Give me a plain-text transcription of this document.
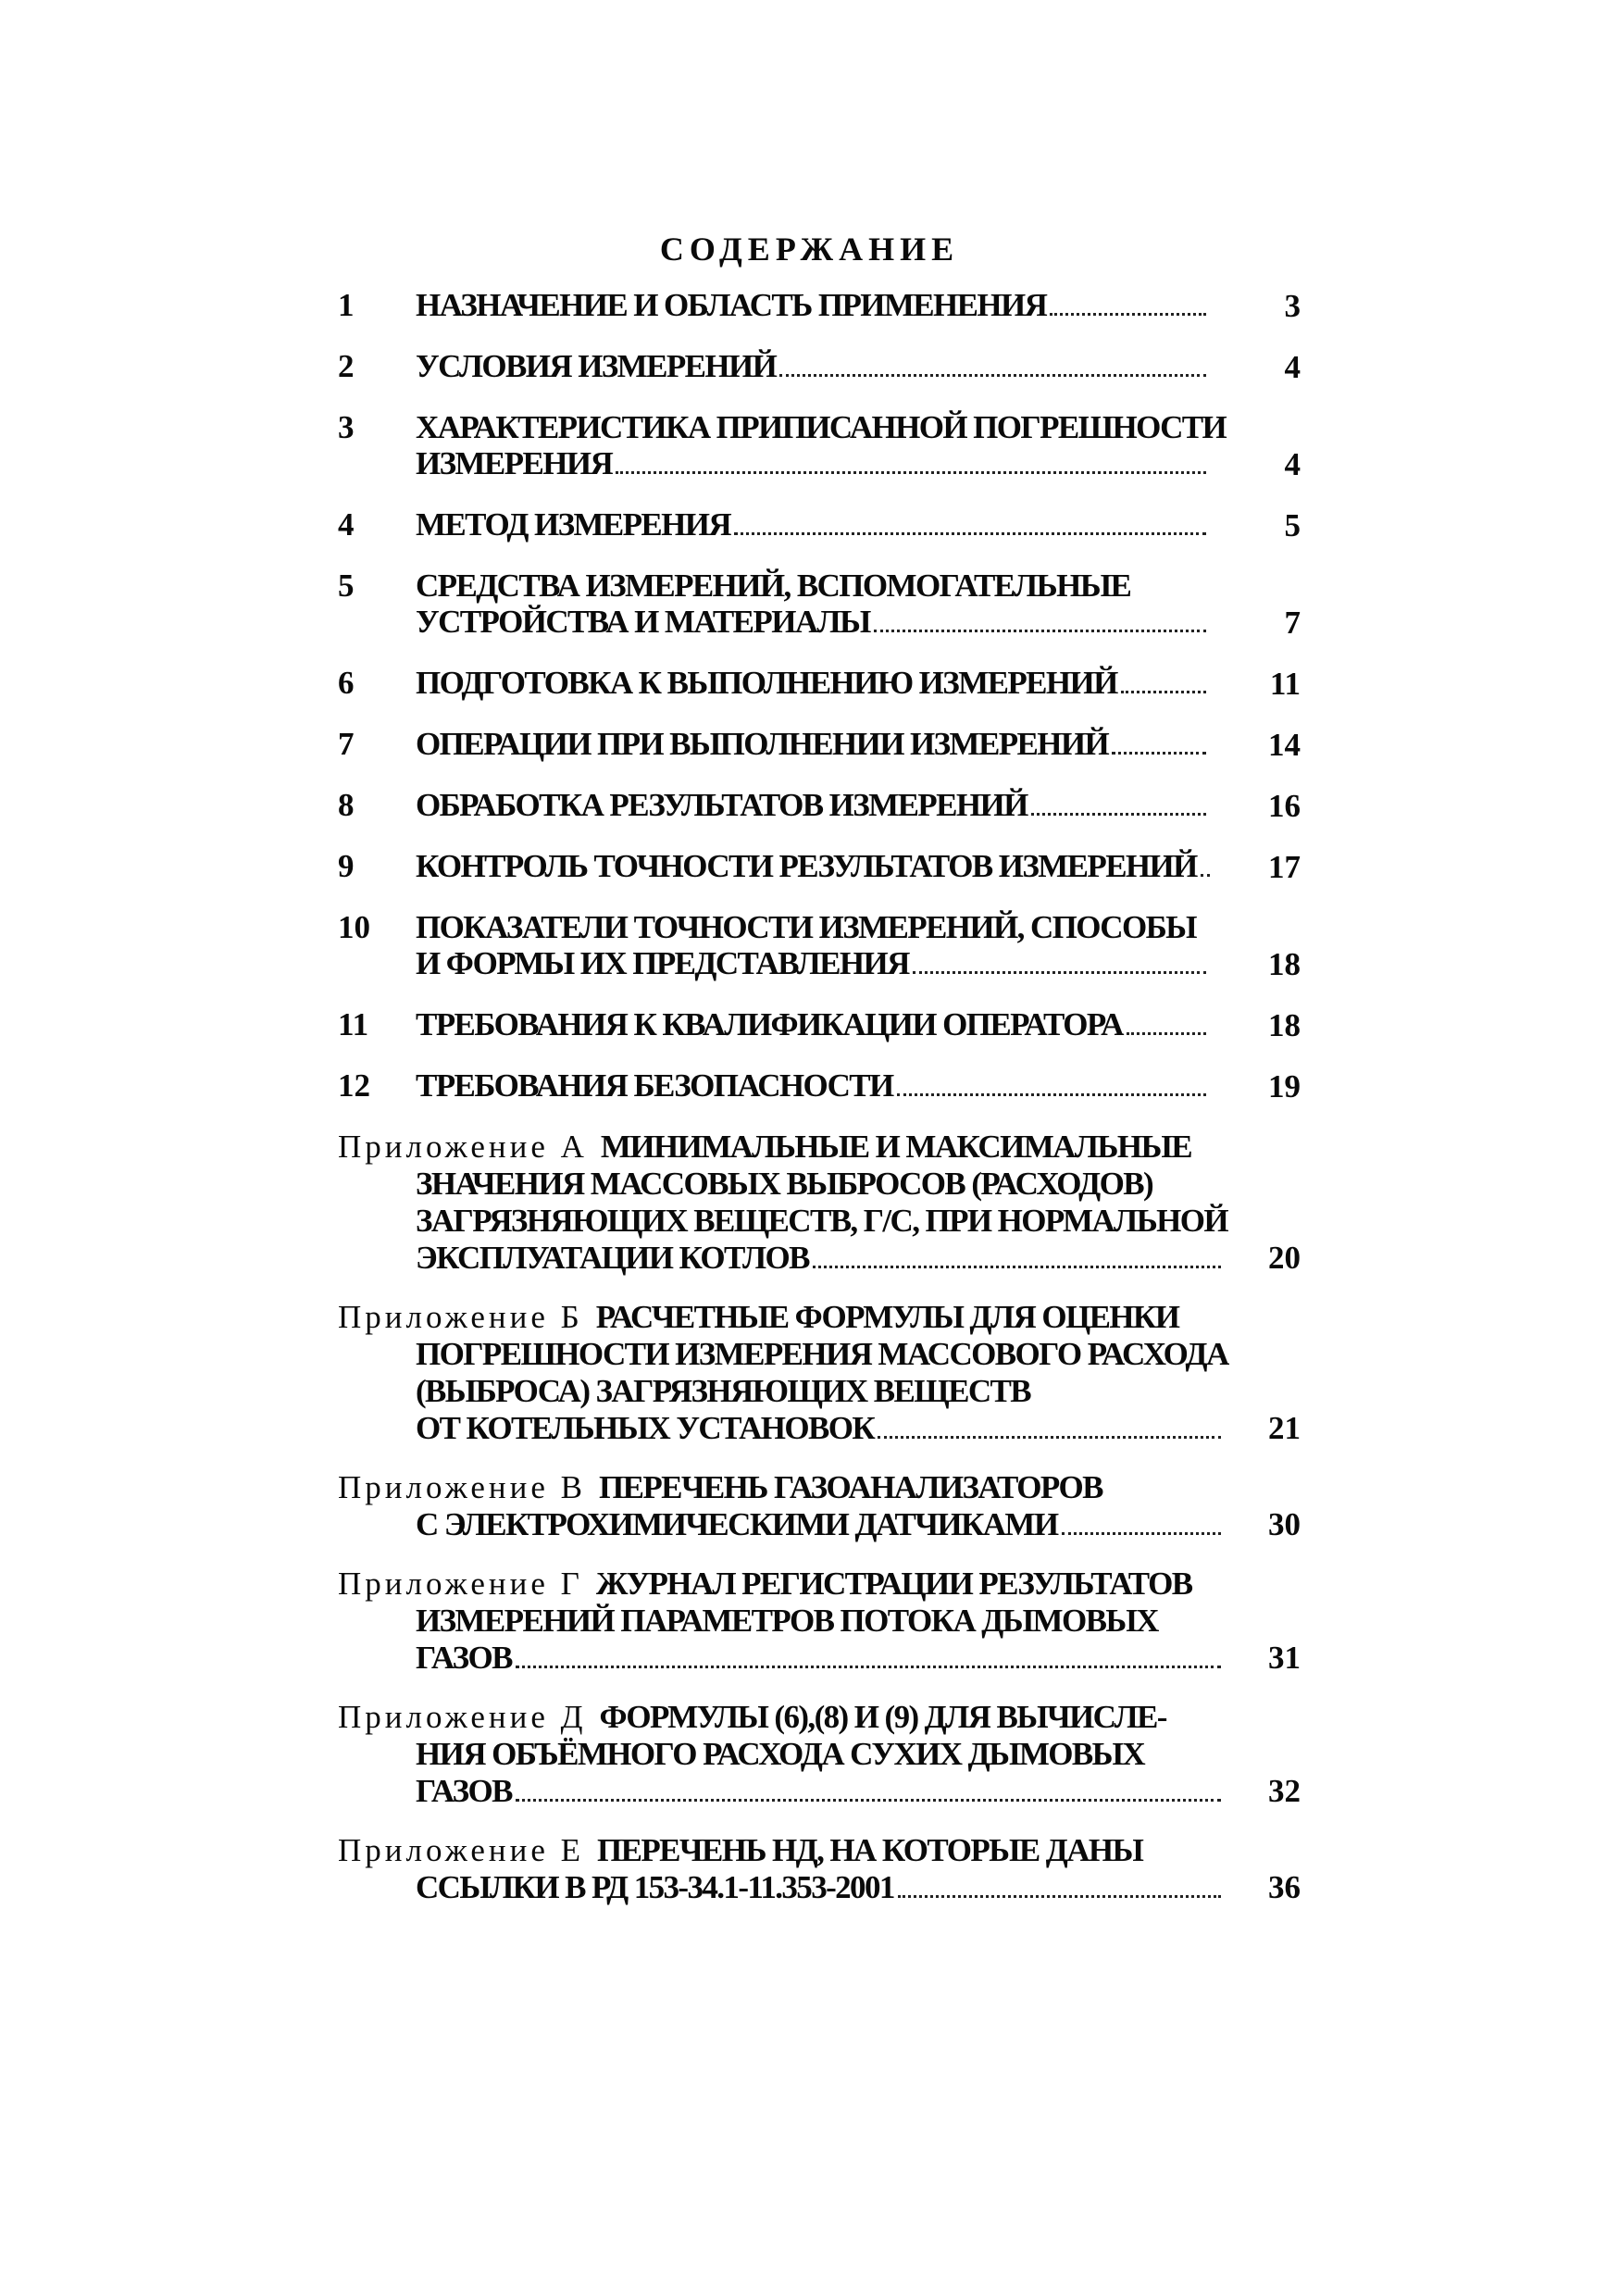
СОДЕРЖАНИЕ
1	НАЗНАЧЕНИЕ И ОБЛАСТЬ ПРИМЕНЕНИЯ	3
2	УСЛОВИЯ ИЗМЕРЕНИЙ	4
3	ХАРАКТЕРИСТИКА ПРИПИСАННОЙ ПОГРЕШНОСТИ
ИЗМЕРЕНИЯ	4
4	МЕТОД ИЗМЕРЕНИЯ	5
5	СРЕДСТВА ИЗМЕРЕНИЙ, ВСПОМОГАТЕЛЬНЫЕ
УСТРОЙСТВА И МАТЕРИАЛЫ	7
6	ПОДГОТОВКА К ВЫПОЛНЕНИЮ ИЗМЕРЕНИЙ	11
7	ОПЕРАЦИИ ПРИ ВЫПОЛНЕНИИ ИЗМЕРЕНИЙ	14
8	ОБРАБОТКА РЕЗУЛЬТАТОВ ИЗМЕРЕНИЙ	16
9	КОНТРОЛЬ ТОЧНОСТИ РЕЗУЛЬТАТОВ ИЗМЕРЕНИЙ	17
10	ПОКАЗАТЕЛИ ТОЧНОСТИ ИЗМЕРЕНИЙ, СПОСОБЫ
И ФОРМЫ ИХ ПРЕДСТАВЛЕНИЯ	18
11	ТРЕБОВАНИЯ К КВАЛИФИКАЦИИ ОПЕРАТОРА	18
12	ТРЕБОВАНИЯ БЕЗОПАСНОСТИ	19
Приложение А МИНИМАЛЬНЫЕ И МАКСИМАЛЬНЫЕ
ЗНАЧЕНИЯ МАССОВЫХ ВЫБРОСОВ (РАСХОДОВ)
ЗАГРЯЗНЯЮЩИХ ВЕЩЕСТВ, Г/С, ПРИ НОРМАЛЬНОЙ
ЭКСПЛУАТАЦИИ КОТЛОВ	20
Приложение Б РАСЧЕТНЫЕ ФОРМУЛЫ ДЛЯ ОЦЕНКИ
ПОГРЕШНОСТИ ИЗМЕРЕНИЯ МАССОВОГО РАСХОДА
(ВЫБРОСА) ЗАГРЯЗНЯЮЩИХ ВЕЩЕСТВ
ОТ КОТЕЛЬНЫХ УСТАНОВОК	21
Приложение В ПЕРЕЧЕНЬ ГАЗОАНАЛИЗАТОРОВ
С ЭЛЕКТРОХИМИЧЕСКИМИ ДАТЧИКАМИ	30
Приложение Г ЖУРНАЛ РЕГИСТРАЦИИ РЕЗУЛЬТАТОВ
ИЗМЕРЕНИЙ ПАРАМЕТРОВ ПОТОКА ДЫМОВЫХ
ГАЗОВ	31
Приложение Д ФОРМУЛЫ (6),(8) И (9) ДЛЯ ВЫЧИСЛЕ-
НИЯ ОБЪЁМНОГО РАСХОДА СУХИХ ДЫМОВЫХ
ГАЗОВ	32
Приложение Е ПЕРЕЧЕНЬ НД, НА КОТОРЫЕ ДАНЫ
ССЫЛКИ В РД 153-34.1-11.353-2001	36
